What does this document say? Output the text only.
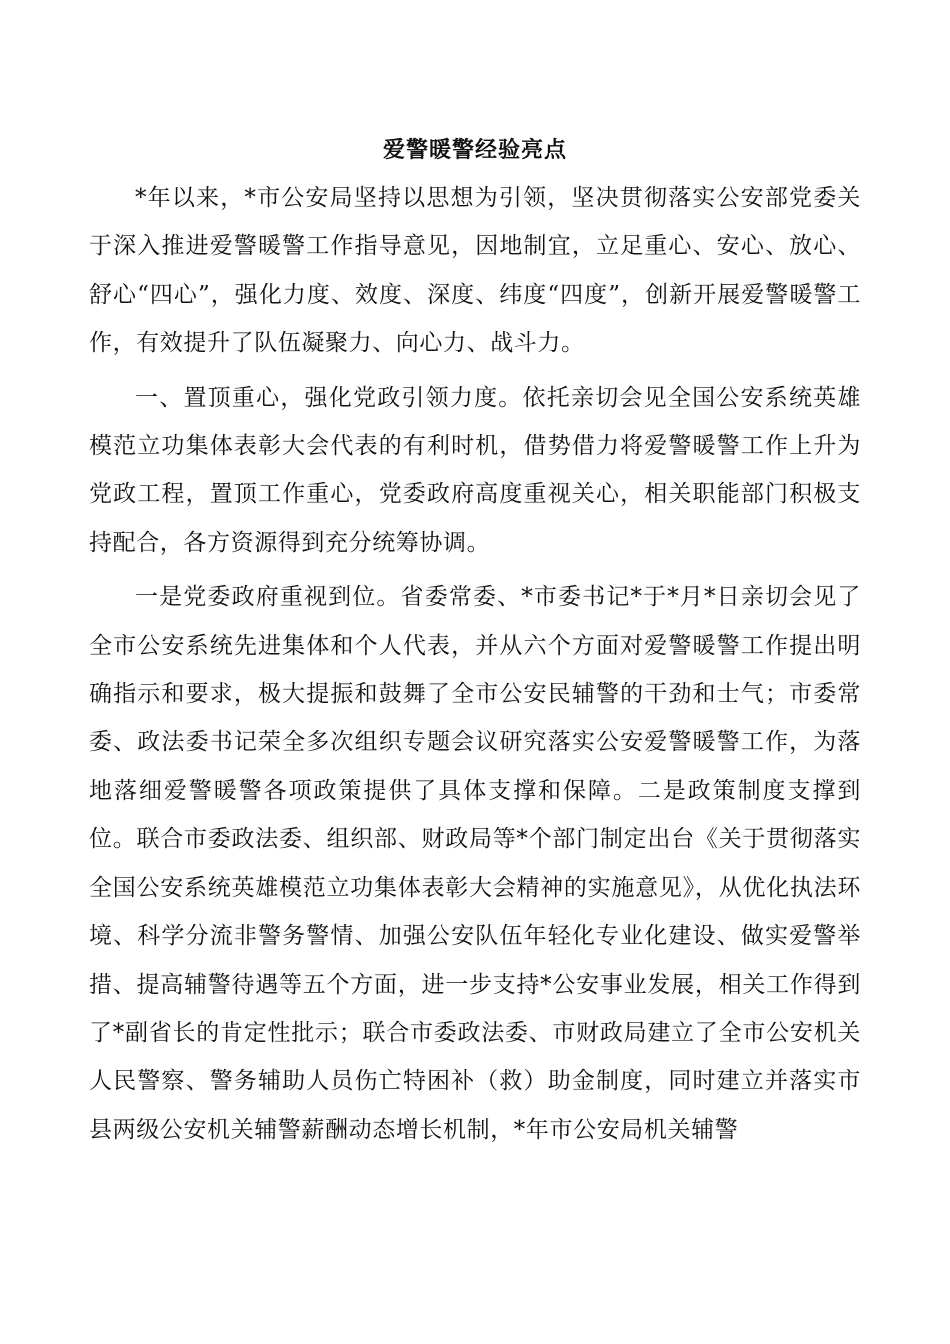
爱警暖警经验亮点

*年以来，*市公安局坚持以思想为引领，坚决贯彻落实公安部党委关于深入推进爱警暖警工作指导意见，因地制宜，立足重心、安心、放心、舒心“四心”，强化力度、效度、深度、纬度“四度”，创新开展爱警暖警工作，有效提升了队伍凝聚力、向心力、战斗力。

一、置顶重心，强化党政引领力度。依托亲切会见全国公安系统英雄模范立功集体表彰大会代表的有利时机，借势借力将爱警暖警工作上升为党政工程，置顶工作重心，党委政府高度重视关心，相关职能部门积极支持配合，各方资源得到充分统筹协调。

一是党委政府重视到位。省委常委、*市委书记*于*月*日亲切会见了全市公安系统先进集体和个人代表，并从六个方面对爱警暖警工作提出明确指示和要求，极大提振和鼓舞了全市公安民辅警的干劲和士气；市委常委、政法委书记荣全多次组织专题会议研究落实公安爱警暖警工作，为落地落细爱警暖警各项政策提供了具体支撑和保障。二是政策制度支撑到位。联合市委政法委、组织部、财政局等*个部门制定出台《关于贯彻落实全国公安系统英雄模范立功集体表彰大会精神的实施意见》，从优化执法环境、科学分流非警务警情、加强公安队伍年轻化专业化建设、做实爱警举措、提高辅警待遇等五个方面，进一步支持*公安事业发展，相关工作得到了*副省长的肯定性批示；联合市委政法委、市财政局建立了全市公安机关人民警察、警务辅助人员伤亡特困补（救）助金制度，同时建立并落实市县两级公安机关辅警薪酬动态增长机制，*年市公安局机关辅警
